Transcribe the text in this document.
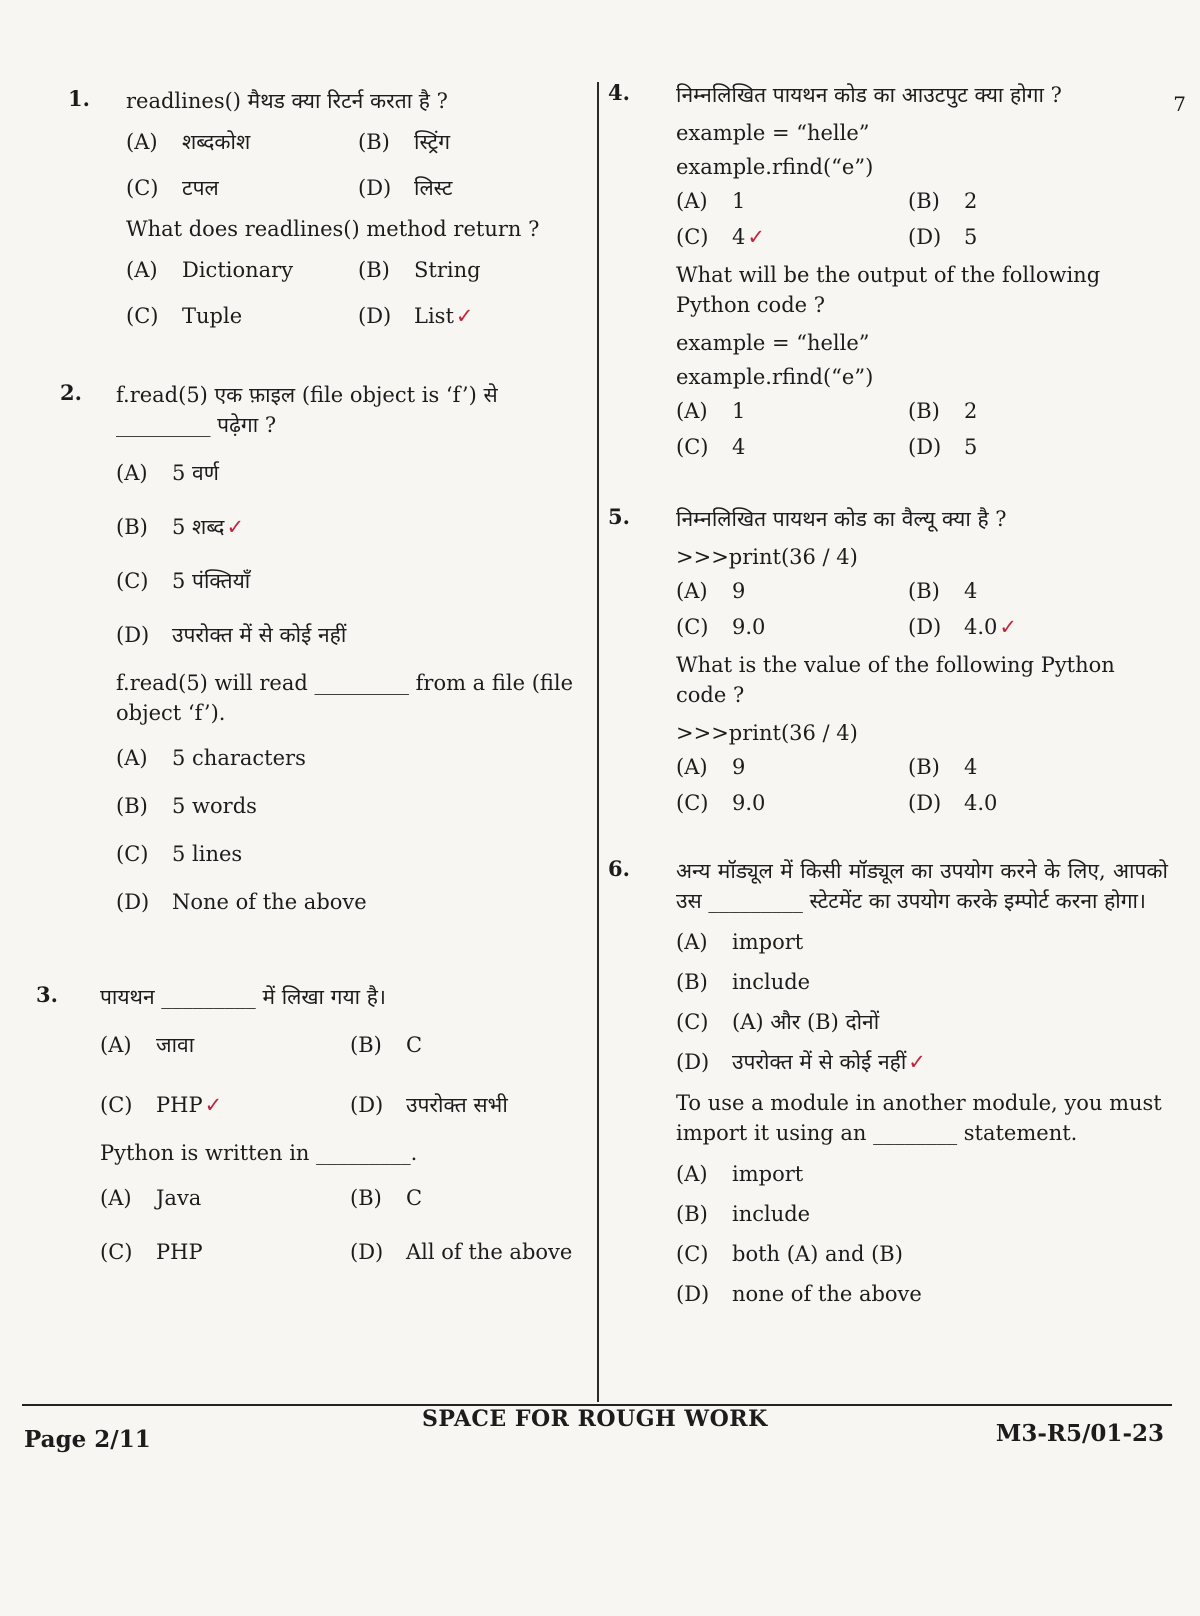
7
1. readlines() मैथड क्या रिटर्न करता है ?

(A)	शब्दकोश	(B)	स्ट्रिंग
(C)	टपल	(D)	लिस्ट

What does readlines() method return ?

(A)	Dictionary	(B)	String
(C)	Tuple	(D)	List ✓
2. f.read(5) एक फ़ाइल (file object is ‘f’) से _________ पढ़ेगा ?

(A)	5 वर्ण
(B)	5 शब्द ✓
(C)	5 पंक्तियाँ
(D)	उपरोक्त में से कोई नहीं

f.read(5) will read _________ from a file (file object ‘f’).

(A)	5 characters
(B)	5 words
(C)	5 lines
(D)	None of the above
3. पायथन _________ में लिखा गया है।

(A)	जावा	(B)	C
(C)	PHP ✓	(D)	उपरोक्त सभी

Python is written in _________.

(A)	Java	(B)	C
(C)	PHP	(D)	All of the above
4. निम्नलिखित पायथन कोड का आउटपुट क्या होगा ?

example = “helle”
example.rfind(“e”)
(A)	1	(B)	2
(C)	4 ✓	(D)	5

What will be the output of the following Python code ?

example = “helle”
example.rfind(“e”)
(A)	1	(B)	2
(C)	4	(D)	5
5. निम्नलिखित पायथन कोड का वैल्यू क्या है ?

>>>print(36 / 4)
(A)	9	(B)	4
(C)	9.0	(D)	4.0 ✓

What is the value of the following Python code ?

>>>print(36 / 4)
(A)	9	(B)	4
(C)	9.0	(D)	4.0
6. अन्य मॉड्यूल में किसी मॉड्यूल का उपयोग करने के लिए, आपको उस _________ स्टेटमेंट का उपयोग करके इम्पोर्ट करना होगा।

(A)	import
(B)	include
(C)	(A) और (B) दोनों
(D)	उपरोक्त में से कोई नहीं ✓

To use a module in another module, you must import it using an ________ statement.

(A)	import
(B)	include
(C)	both (A) and (B)
(D)	none of the above
Page 2/11
SPACE FOR ROUGH WORK
M3-R5/01-23
